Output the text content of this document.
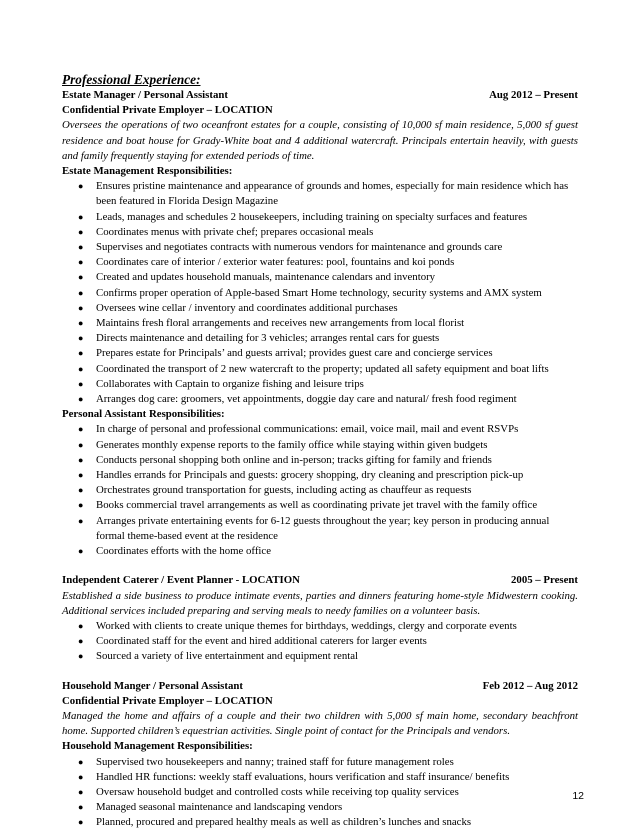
Professional Experience:
Estate Manager / Personal Assistant	Aug 2012 – Present
Confidential Private Employer – LOCATION
Oversees the operations of two oceanfront estates for a couple, consisting of 10,000 sf main residence, 5,000 sf guest residence and boat house for Grady-White boat and 4 additional watercraft. Principals entertain heavily, with guests and family frequently staying for extended periods of time.
Estate Management Responsibilities:
● Ensures pristine maintenance and appearance of grounds and homes, especially for main residence which has been featured in Florida Design Magazine
● Leads, manages and schedules 2 housekeepers, including training on specialty surfaces and features
● Coordinates menus with private chef; prepares occasional meals
● Supervises and negotiates contracts with numerous vendors for maintenance and grounds care
● Coordinates care of interior / exterior water features: pool, fountains and koi ponds
● Created and updates household manuals, maintenance calendars and inventory
● Confirms proper operation of Apple-based Smart Home technology, security systems and AMX system
● Oversees wine cellar / inventory and coordinates additional purchases
● Maintains fresh floral arrangements and receives new arrangements from local florist
● Directs maintenance and detailing for 3 vehicles; arranges rental cars for guests
● Prepares estate for Principals’ and guests arrival; provides guest care and concierge services
● Coordinated the transport of 2 new watercraft to the property; updated all safety equipment and boat lifts
● Collaborates with Captain to organize fishing and leisure trips
● Arranges dog care: groomers, vet appointments, doggie day care and natural/ fresh food regiment
Personal Assistant Responsibilities:
● In charge of personal and professional communications: email, voice mail, mail and event RSVPs
● Generates monthly expense reports to the family office while staying within given budgets
● Conducts personal shopping both online and in-person; tracks gifting for family and friends
● Handles errands for Principals and guests: grocery shopping, dry cleaning and prescription pick-up
● Orchestrates ground transportation for guests, including acting as chauffeur as requests
● Books commercial travel arrangements as well as coordinating private jet travel with the family office
● Arranges private entertaining events for 6-12 guests throughout the year; key person in producing annual formal theme-based event at the residence
● Coordinates efforts with the home office
Independent Caterer / Event Planner - LOCATION	2005 – Present
Established a side business to produce intimate events, parties and dinners featuring home-style Midwestern cooking. Additional services included preparing and serving meals to needy families on a volunteer basis.
● Worked with clients to create unique themes for birthdays, weddings, clergy and corporate events
● Coordinated staff for the event and hired additional caterers for larger events
● Sourced a variety of live entertainment and equipment rental
Household Manger / Personal Assistant	Feb 2012 – Aug 2012
Confidential Private Employer – LOCATION
Managed the home and affairs of a couple and their two children with 5,000 sf main home, secondary beachfront home. Supported children’s equestrian activities. Single point of contact for the Principals and vendors.
Household Management Responsibilities:
● Supervised two housekeepers and nanny; trained staff for future management roles
● Handled HR functions: weekly staff evaluations, hours verification and staff insurance/ benefits
● Oversaw household budget and controlled costs while receiving top quality services
● Managed seasonal maintenance and landscaping vendors
● Planned, procured and prepared healthy meals as well as children’s lunches and snacks
12
